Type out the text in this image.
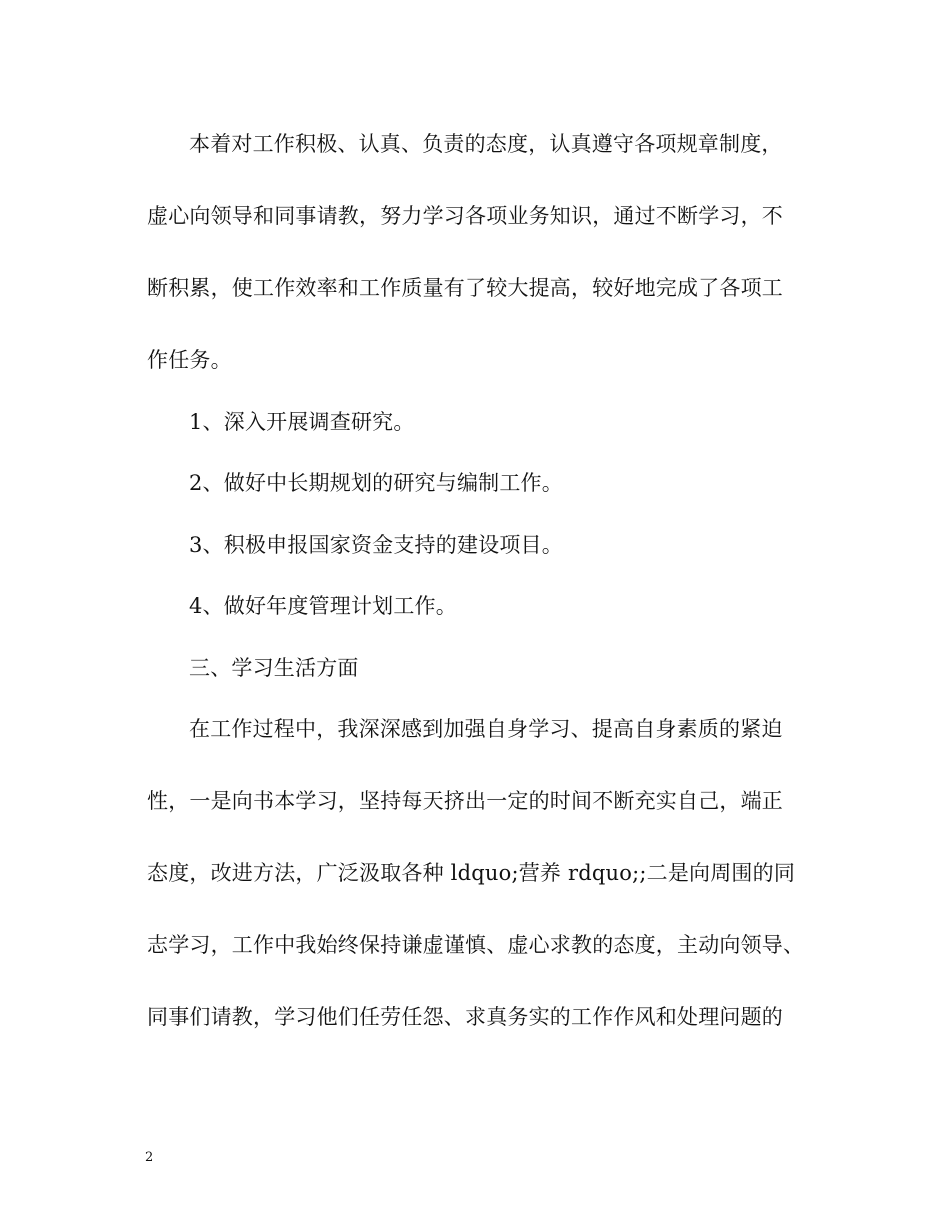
本着对工作积极、认真、负责的态度，认真遵守各项规章制度，
虚心向领导和同事请教，努力学习各项业务知识，通过不断学习，不
断积累，使工作效率和工作质量有了较大提高，较好地完成了各项工
作任务。
1、深入开展调查研究。
2、做好中长期规划的研究与编制工作。
3、积极申报国家资金支持的建设项目。
4、做好年度管理计划工作。
三、学习生活方面
在工作过程中，我深深感到加强自身学习、提高自身素质的紧迫
性，一是向书本学习，坚持每天挤出一定的时间不断充实自己，端正
态度，改进方法，广泛汲取各种 ldquo;营养 rdquo;;二是向周围的同
志学习，工作中我始终保持谦虚谨慎、虚心求教的态度，主动向领导、
同事们请教，学习他们任劳任怨、求真务实的工作作风和处理问题的
2
